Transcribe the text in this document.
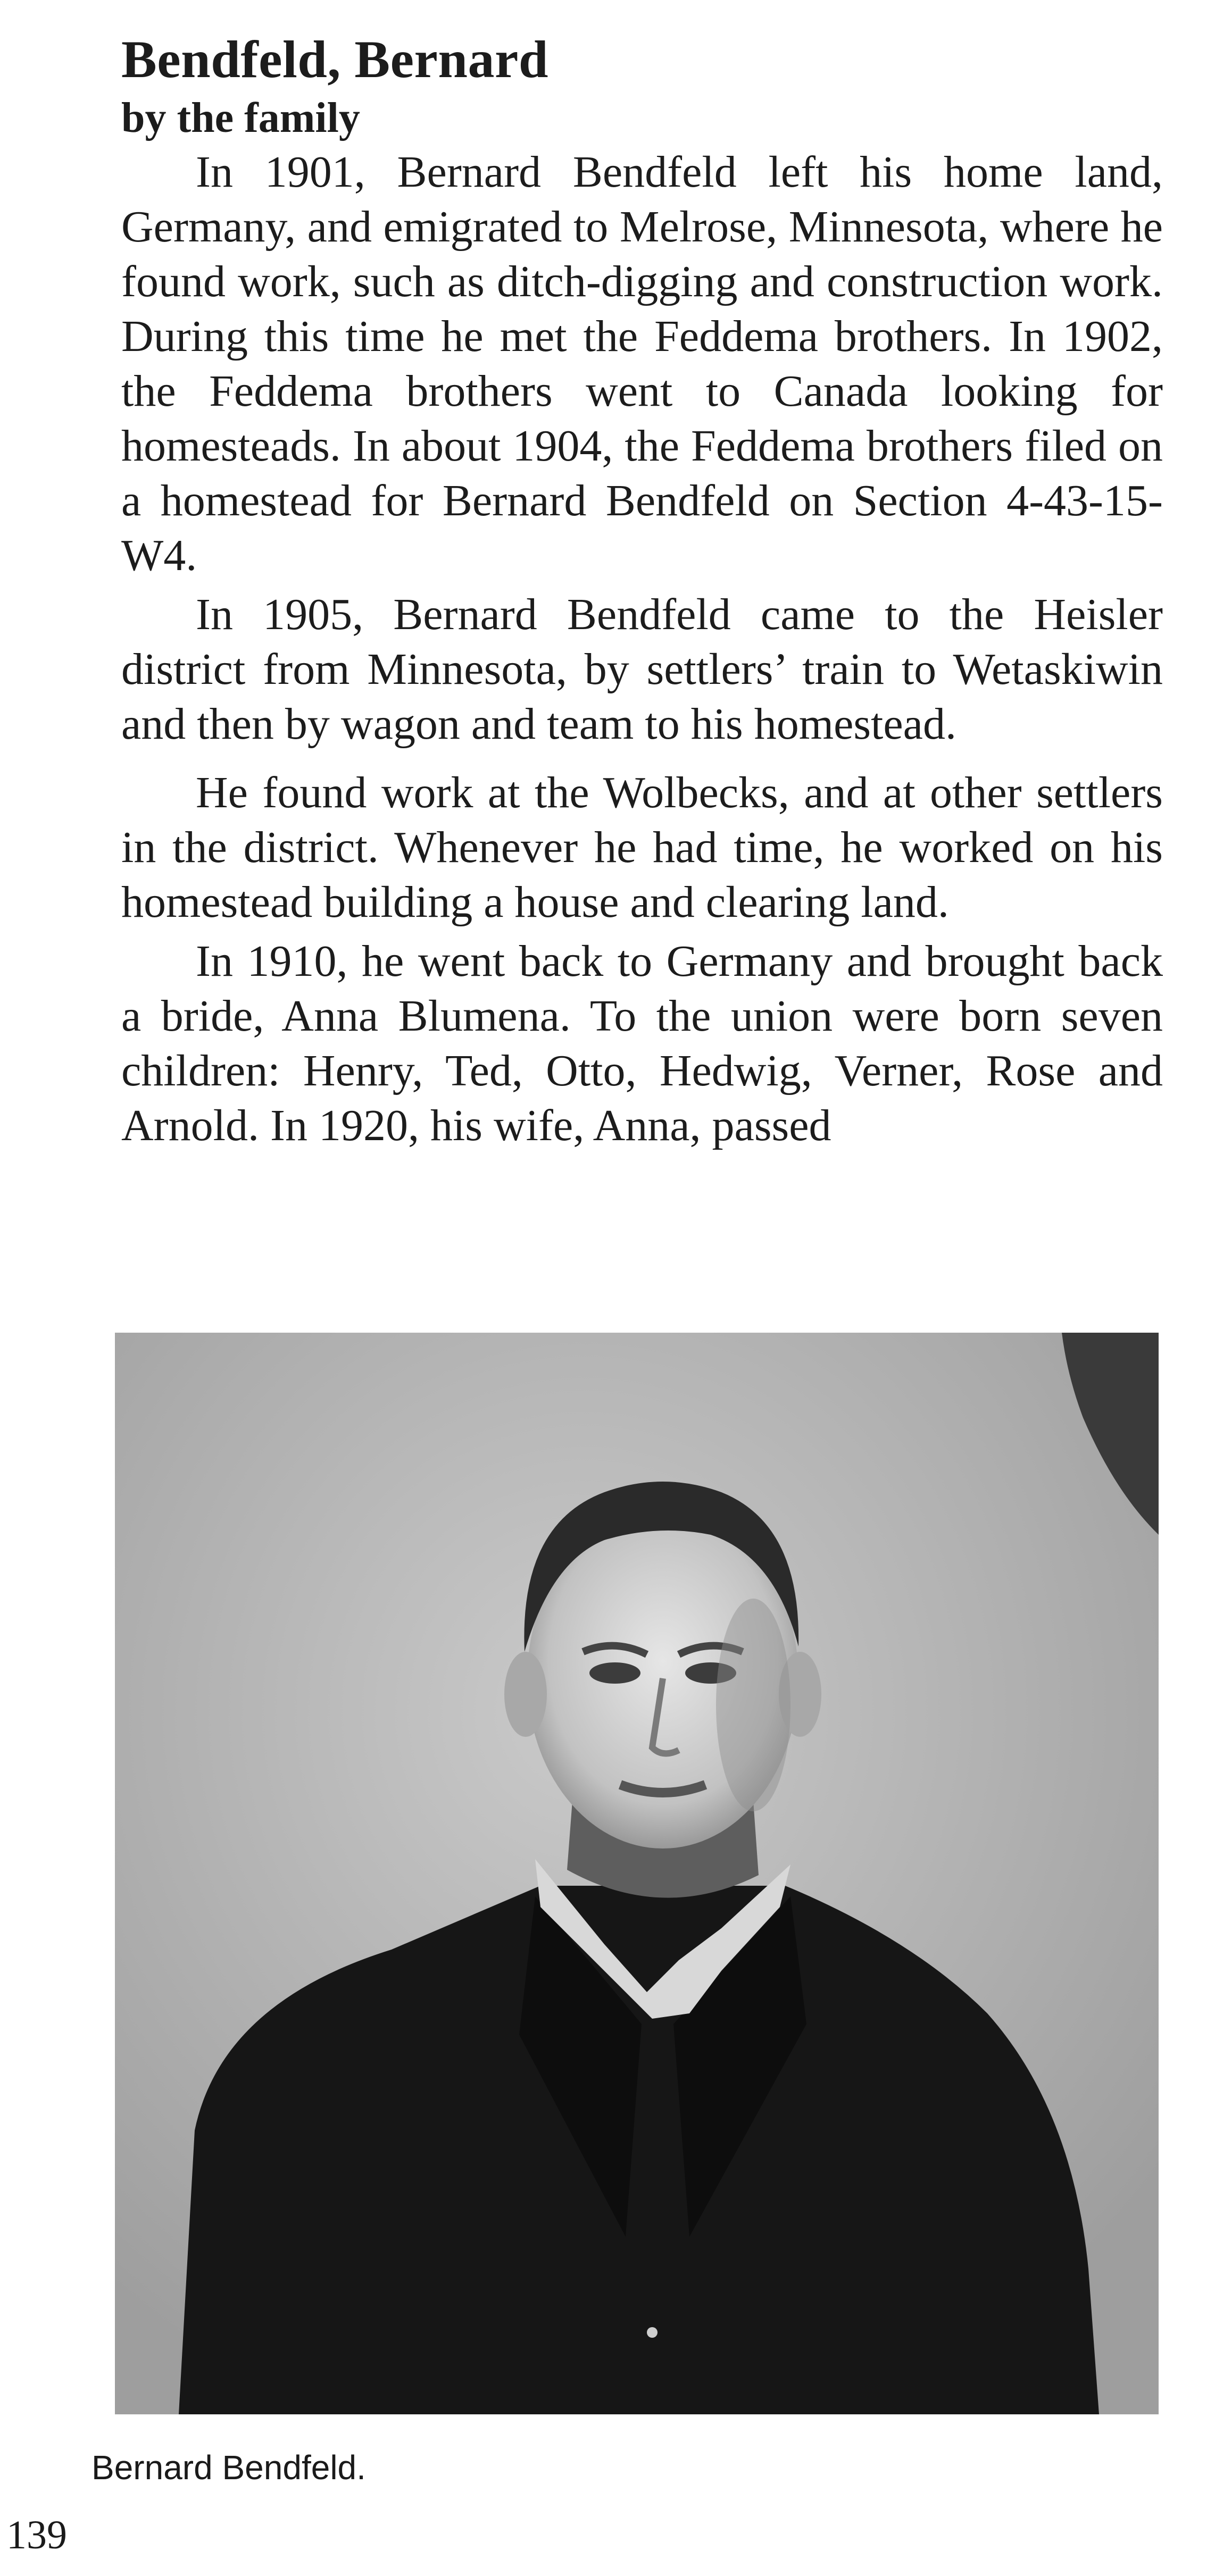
Bendfeld, Bernard
by the family

In 1901, Bernard Bendfeld left his home land, Germany, and emigrated to Melrose, Minnesota, where he found work, such as ditch-digging and construction work. During this time he met the Feddema brothers. In 1902, the Feddema brothers went to Canada looking for homesteads. In about 1904, the Feddema brothers filed on a homestead for Bernard Bendfeld on Section 4-43-15-W4.

In 1905, Bernard Bendfeld came to the Heisler district from Minnesota, by settlers’ train to Wetaskiwin and then by wagon and team to his homestead.

He found work at the Wolbecks, and at other settlers in the district. Whenever he had time, he worked on his homestead building a house and clearing land.

In 1910, he went back to Germany and brought back a bride, Anna Blumena. To the union were born seven children: Henry, Ted, Otto, Hedwig, Verner, Rose and Arnold. In 1920, his wife, Anna, passed

Bernard Bendfeld.
139
